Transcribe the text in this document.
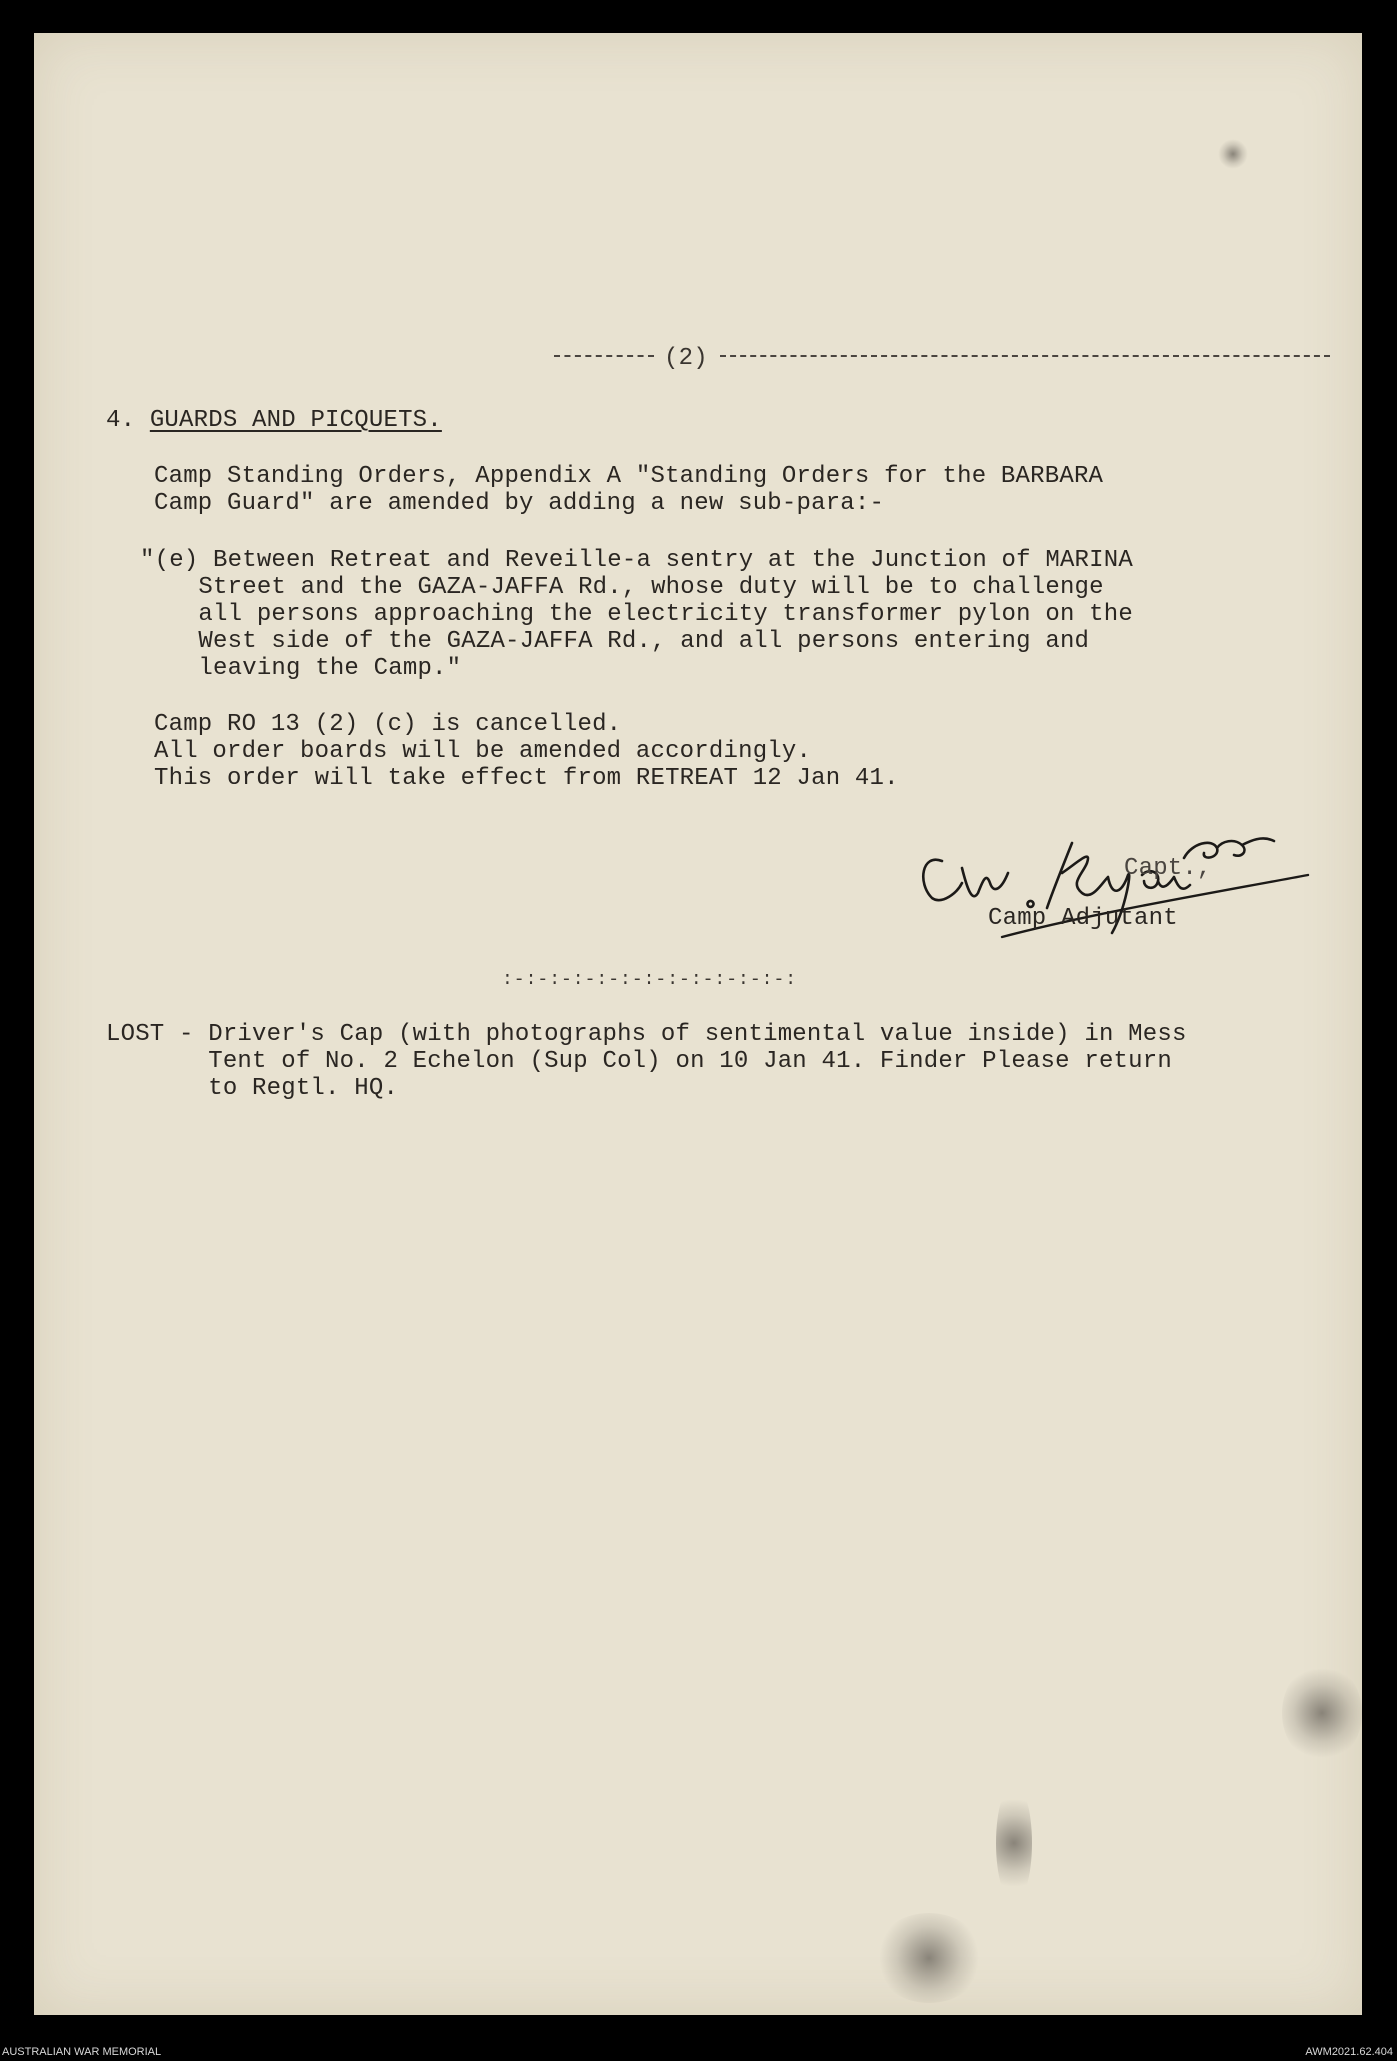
(2)
4. GUARDS AND PICQUETS.
Camp Standing Orders, Appendix A "Standing Orders for the BARBARA
Camp Guard" are amended by adding a new sub-para:-
"(e) Between Retreat and Reveille-a sentry at the Junction of MARINA
Street and the GAZA-JAFFA Rd., whose duty will be to challenge
all persons approaching the electricity transformer pylon on the
West side of the GAZA-JAFFA Rd., and all persons entering and
leaving the Camp."
Camp RO 13 (2) (c) is cancelled.
All order boards will be amended accordingly.
This order will take effect from RETREAT 12 Jan 41.
Capt.,
Camp Adjutant
:-:-:-:-:-:-:-:-:-:-:-:-:
LOST - Driver's Cap (with photographs of sentimental value inside) in Mess
Tent of No. 2 Echelon (Sup Col) on 10 Jan 41. Finder Please return
to Regtl. HQ.
AUSTRALIAN WAR MEMORIAL	AWM2021.62.404
